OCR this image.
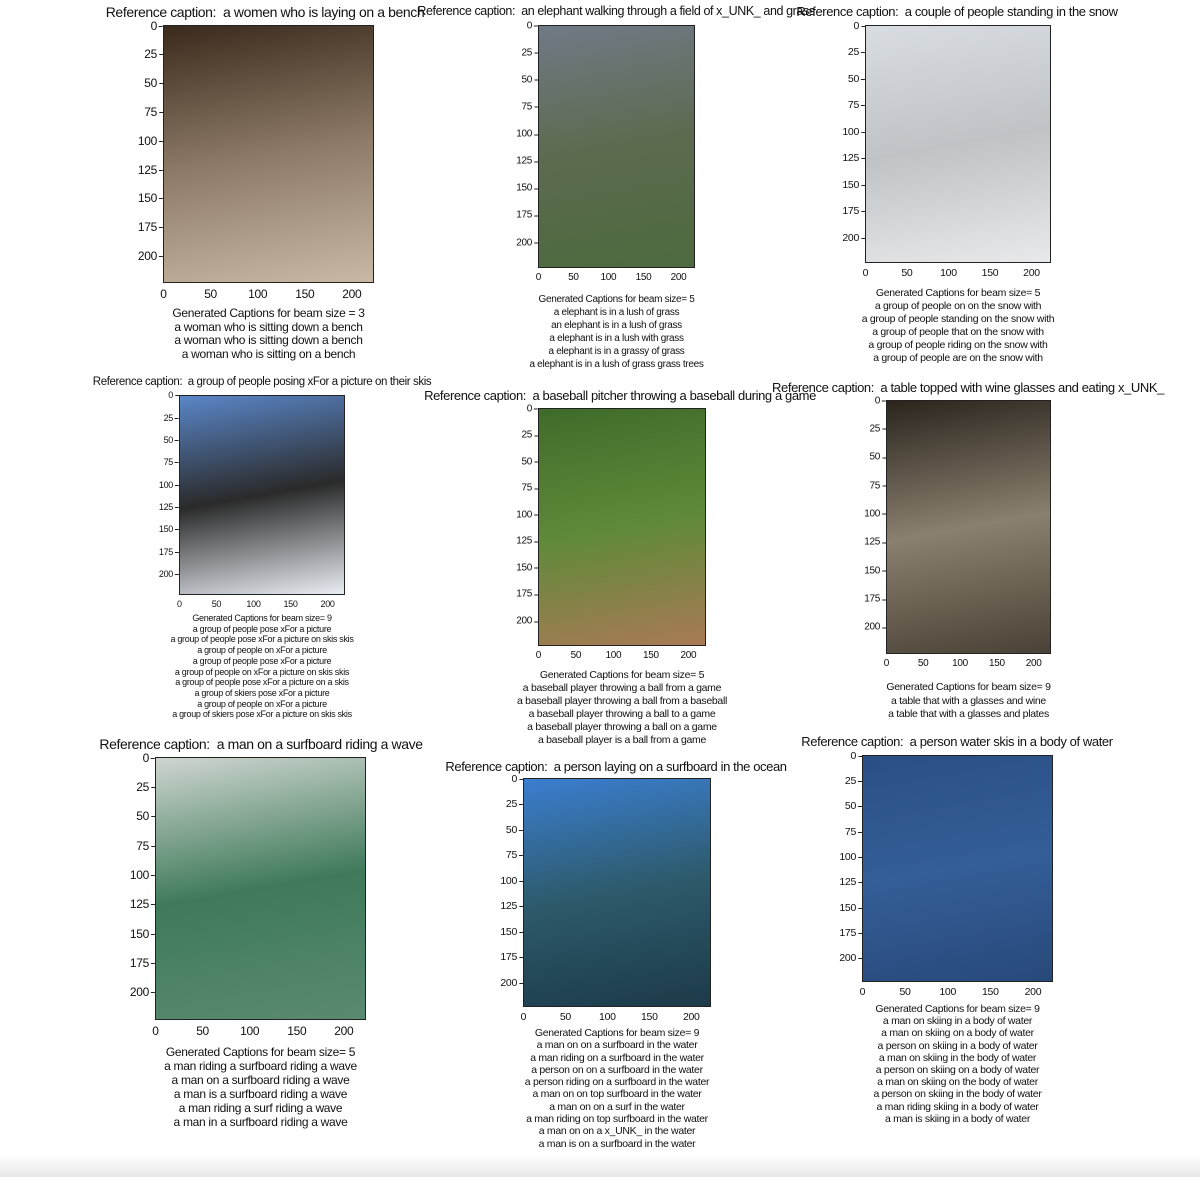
Reference caption: a women who is laying on a bench
0
25
50
75
100
125
150
175
200
0	50	100 150 200
Generated Captions for beam size = 3
a woman who is sitting down a bench
a woman who is sitting down a bench
a woman who is sitting on a bench
Reference caption: an elephant walking through a field of x_UNK_ and grass
0
25
50
75
100
125
150
175
200
0	50 100 150 200
Generated Captions for beam size= 5
a elephant is in a lush of grass
an elephant is in a lush of grass
a elephant is in a lush with grass
a elephant is in a grassy of grass
a elephant is in a lush of grass grass trees
Reference caption: a couple of people standing in the snow
0
25
50
75
100
125
150
175
200
0	50	100 150 200
Generated Captions for beam size= 5
a group of people on on the snow with
a group of people standing on the snow with
a group of people that on the snow with
a group of people riding on the snow with
a group of people are on the snow with
Reference caption: a group of people posing xFor a picture on their skis
0
25
50
75
100
125
150
175
200
0	50	100	150	200
Generated Captions for beam size= 9
a group of people pose xFor a picture
a group of people pose xFor a picture on skis skis
a group of people on xFor a picture
a group of people pose xFor a picture
a group of people on xFor a picture on skis skis
a group of people pose xFor a picture on a skis
a group of skiers pose xFor a picture
a group of people on xFor a picture
a group of skiers pose xFor a picture on skis skis
Reference caption: a baseball pitcher throwing a baseball during a game
0
25
50
75
100
125
150
175
200
0	50 100 150 200
Generated Captions for beam size= 5
a baseball player throwing a ball from a game
a baseball player throwing a ball from a baseball
a baseball player throwing a ball to a game
a baseball player throwing a ball on a game
a baseball player is a ball from a game
Reference caption: a table topped with wine glasses and eating x_UNK_
0
25
50
75
100
125
150
175
200
0	50 100 150 200
Generated Captions for beam size= 9
a table that with a glasses and wine
a table that with a glasses and plates
Reference caption: a man on a surfboard riding a wave
0
25
50
75
100
125
150
175
200
0	50	100 150 200
Generated Captions for beam size= 5
a man riding a surfboard riding a wave
a man on a surfboard riding a wave
a man is a surfboard riding a wave
a man riding a surf riding a wave
a man in a surfboard riding a wave
Reference caption: a person laying on a surfboard in the ocean
0
25
50
75
100
125
150
175
200
0	50	100 150 200
Generated Captions for beam size= 9
a man on on a surfboard in the water
a man riding on a surfboard in the water
a person on on a surfboard in the water
a person riding on a surfboard in the water
a man on on top surfboard in the water
a man on on a surf in the water
a man riding on top surfboard in the water
a man on on a x_UNK_ in the water
a man is on a surfboard in the water
Reference caption: a person water skis in a body of water
0
25
50
75
100
125
150
175
200
0	50	100 150 200
Generated Captions for beam size= 9
a man on skiing in a body of water
a man on skiing on a body of water
a person on skiing in a body of water
a man on skiing in the body of water
a person on skiing on a body of water
a man on skiing on the body of water
a person on skiing in the body of water
a man riding skiing in a body of water
a man is skiing in a body of water
